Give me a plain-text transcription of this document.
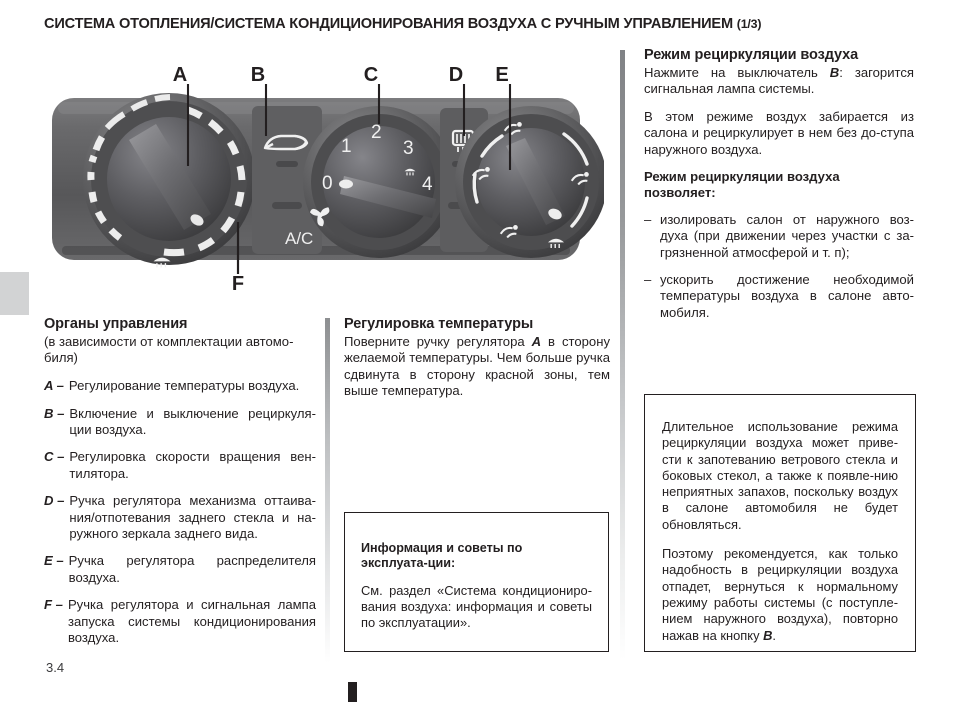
СИСТЕМА ОТОПЛЕНИЯ/СИСТЕМА КОНДИЦИОНИРОВАНИЯ ВОЗДУХА С РУЧНЫМ УПРАВЛЕНИЕМ (1/3)
A/C
0
1
2
3
4
A	B	C	D E
F
Органы управления
(в зависимости от комплектации автомо-биля)
A – Регулирование температуры воздуха.
B – Включение и выключение рециркуля-ции воздуха.
C – Регулировка скорости вращения вен-тилятора.
D – Ручка регулятора механизма оттаива-ния/отпотевания заднего стекла и на-ружного зеркала заднего вида.
E – Ручка регулятора распределителя воздуха.
F – Ручка регулятора и сигнальная лампа запуска системы кондиционирования воздуха.
Регулировка температуры

Поверните ручку регулятора A в сторону желаемой температуры. Чем больше ручка сдвинута в сторону красной зоны, тем выше температура.

Информация и советы по эксплуата-ции:
См. раздел «Система кондициониро-вания воздуха: информация и советы по эксплуатации».
Режим рециркуляции воздуха

Нажмите на выключатель B: загорится сигнальная лампа системы.

В этом режиме воздух забирается из салона и рециркулирует в нем без до-ступа наружного воздуха.

Режим рециркуляции воздуха позволяет:

– изолировать салон от наружного воз-духа (при движении через участки с за-грязненной атмосферой и т. п);
– ускорить достижение необходимой температуры воздуха в салоне авто-мобиля.

Длительное использование режима рециркуляции воздуха может приве-сти к запотеванию ветрового стекла и боковых стекол, а также к появле-нию неприятных запахов, поскольку воздух в салоне автомобиля не будет обновляться.

Поэтому рекомендуется, как только надобность в рециркуляции воздуха отпадет, вернуться к нормальному режиму работы системы (с поступле-нием наружного воздуха), повторно нажав на кнопку B.

3.4
